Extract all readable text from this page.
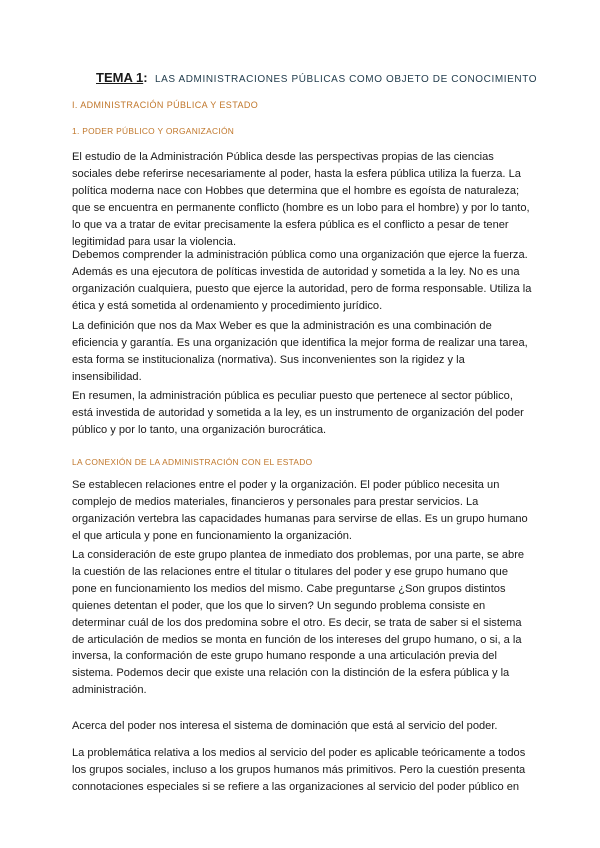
TEMA 1: LAS ADMINISTRACIONES PÚBLICAS COMO OBJETO DE CONOCIMIENTO
I. ADMINISTRACIÓN PÚBLICA Y ESTADO
1. PODER PÚBLICO Y ORGANIZACIÓN

El estudio de la Administración Pública desde las perspectivas propias de las ciencias sociales debe referirse necesariamente al poder, hasta la esfera pública utiliza la fuerza. La política moderna nace con Hobbes que determina que el hombre es egoísta de naturaleza; que se encuentra en permanente conflicto (hombre es un lobo para el hombre) y por lo tanto, lo que va a tratar de evitar precisamente la esfera pública es el conflicto a pesar de tener legitimidad para usar la violencia.

Debemos comprender la administración pública como una organización que ejerce la fuerza. Además es una ejecutora de políticas investida de autoridad y sometida a la ley. No es una organización cualquiera, puesto que ejerce la autoridad, pero de forma responsable. Utiliza la ética y está sometida al ordenamiento y procedimiento jurídico.

La definición que nos da Max Weber es que la administración es una combinación de eficiencia y garantía. Es una organización que identifica la mejor forma de realizar una tarea, esta forma se institucionaliza (normativa). Sus inconvenientes son la rigidez y la insensibilidad.

En resumen, la administración pública es peculiar puesto que pertenece al sector público, está investida de autoridad y sometida a la ley, es un instrumento de organización del poder público y por lo tanto, una organización burocrática.

LA CONEXIÓN DE LA ADMINISTRACIÓN CON EL ESTADO

Se establecen relaciones entre el poder y la organización. El poder público necesita un complejo de medios materiales, financieros y personales para prestar servicios. La organización vertebra las capacidades humanas para servirse de ellas. Es un grupo humano el que articula y pone en funcionamiento la organización.

La consideración de este grupo plantea de inmediato dos problemas, por una parte, se abre la cuestión de las relaciones entre el titular o titulares del poder y ese grupo humano que pone en funcionamiento los medios del mismo. Cabe preguntarse ¿Son grupos distintos quienes detentan el poder, que los que lo sirven? Un segundo problema consiste en determinar cuál de los dos predomina sobre el otro. Es decir, se trata de saber si el sistema de articulación de medios se monta en función de los intereses del grupo humano, o si, a la inversa, la conformación de este grupo humano responde a una articulación previa del sistema. Podemos decir que existe una relación con la distinción de la esfera pública y la administración.

Acerca del poder nos interesa el sistema de dominación que está al servicio del poder.

La problemática relativa a los medios al servicio del poder es aplicable teóricamente a todos los grupos sociales, incluso a los grupos humanos más primitivos. Pero la cuestión presenta connotaciones especiales si se refiere a las organizaciones al servicio del poder público en
